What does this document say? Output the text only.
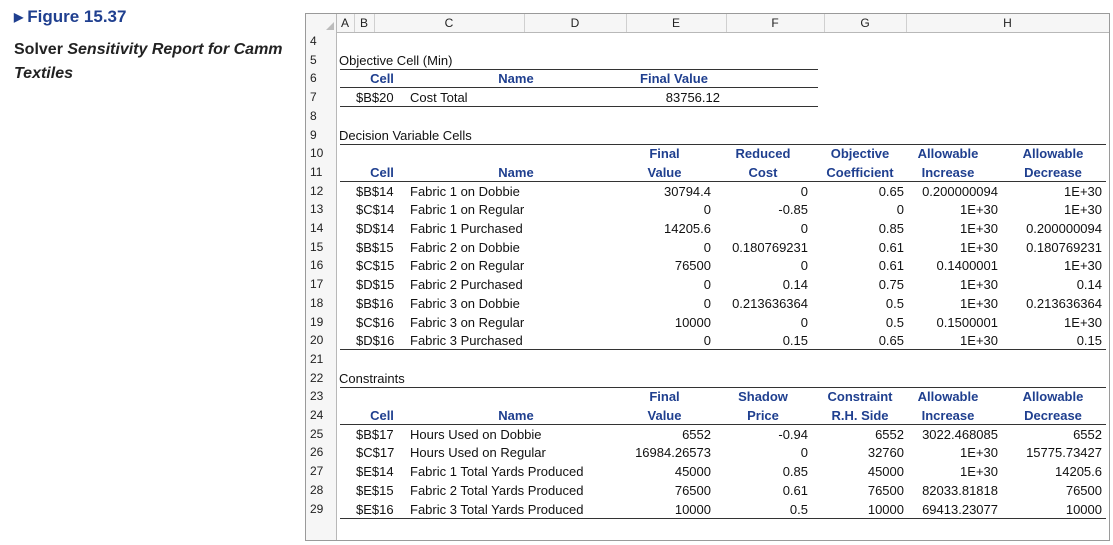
▶ Figure 15.37
Solver Sensitivity Report for Camm Textiles
A B	C	D	E	F	G	H
4
5
6
7
8
9
10
11
12
13
14
15
16
17
18
19
20
21
22
23
24
25
26
27
28
29
Objective Cell (Min)
Cell	Name	Final Value
$B$20 Cost Total	83756.12
Decision Variable Cells
Final	Reduced	Objective	Allowable	Allowable
Cell	Name	Value	Cost	Coefficient	Increase	Decrease
$B$14 Fabric 1 on Dobbie	30794.4	0	0.65	0.200000094	1E+30
$C$14 Fabric 1 on Regular	0	-0.85	0	1E+30	1E+30
$D$14 Fabric 1 Purchased	14205.6	0	0.85	1E+30	0.200000094
$B$15 Fabric 2 on Dobbie	0	0.180769231	0.61	1E+30	0.180769231
$C$15 Fabric 2 on Regular	76500	0	0.61	0.1400001	1E+30
$D$15 Fabric 2 Purchased	0	0.14	0.75	1E+30	0.14
$B$16 Fabric 3 on Dobbie	0	0.213636364	0.5	1E+30	0.213636364
$C$16 Fabric 3 on Regular	10000	0	0.5	0.1500001	1E+30
$D$16 Fabric 3 Purchased	0	0.15	0.65	1E+30	0.15
Constraints
Final	Shadow	Constraint	Allowable	Allowable
Cell	Name	Value	Price	R.H. Side	Increase	Decrease
$B$17 Hours Used on Dobbie	6552	-0.94	6552	3022.468085	6552
$C$17 Hours Used on Regular	16984.26573	0	32760	1E+30	15775.73427
$E$14 Fabric 1 Total Yards Produced	45000	0.85	45000	1E+30	14205.6
$E$15 Fabric 2 Total Yards Produced	76500	0.61	76500	82033.81818	76500
$E$16 Fabric 3 Total Yards Produced	10000	0.5	10000	69413.23077	10000
